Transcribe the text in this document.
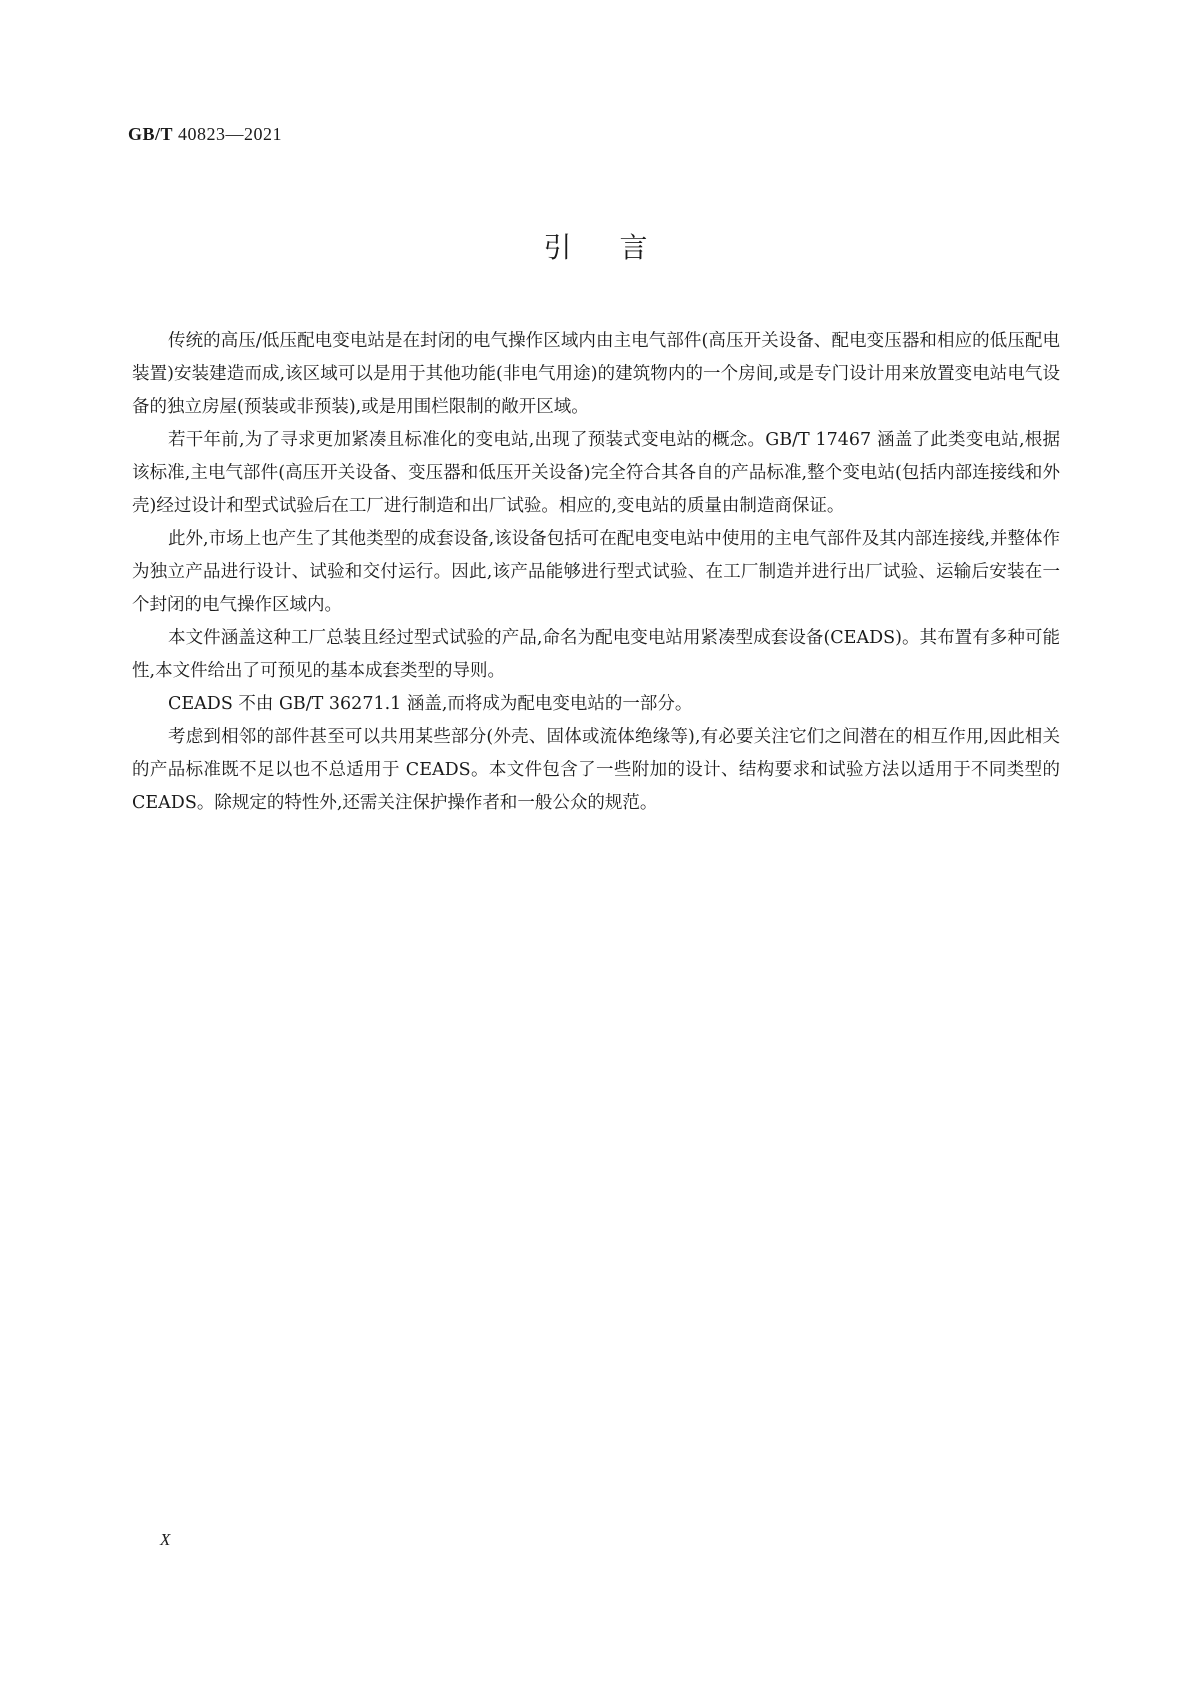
GB/T 40823—2021
引言

传统的高压/低压配电变电站是在封闭的电气操作区域内由主电气部件(高压开关设备、配电变压器和相应的低压配电装置)安装建造而成,该区域可以是用于其他功能(非电气用途)的建筑物内的一个房间,或是专门设计用来放置变电站电气设备的独立房屋(预装或非预装),或是用围栏限制的敞开区域。

若干年前,为了寻求更加紧凑且标准化的变电站,出现了预装式变电站的概念。GB/T 17467 涵盖了此类变电站,根据该标准,主电气部件(高压开关设备、变压器和低压开关设备)完全符合其各自的产品标准,整个变电站(包括内部连接线和外壳)经过设计和型式试验后在工厂进行制造和出厂试验。相应的,变电站的质量由制造商保证。

此外,市场上也产生了其他类型的成套设备,该设备包括可在配电变电站中使用的主电气部件及其内部连接线,并整体作为独立产品进行设计、试验和交付运行。因此,该产品能够进行型式试验、在工厂制造并进行出厂试验、运输后安装在一个封闭的电气操作区域内。

本文件涵盖这种工厂总装且经过型式试验的产品,命名为配电变电站用紧凑型成套设备(CEADS)。其布置有多种可能性,本文件给出了可预见的基本成套类型的导则。

CEADS 不由 GB/T 36271.1 涵盖,而将成为配电变电站的一部分。

考虑到相邻的部件甚至可以共用某些部分(外壳、固体或流体绝缘等),有必要关注它们之间潜在的相互作用,因此相关的产品标准既不足以也不总适用于 CEADS。本文件包含了一些附加的设计、结构要求和试验方法以适用于不同类型的 CEADS。除规定的特性外,还需关注保护操作者和一般公众的规范。

X
